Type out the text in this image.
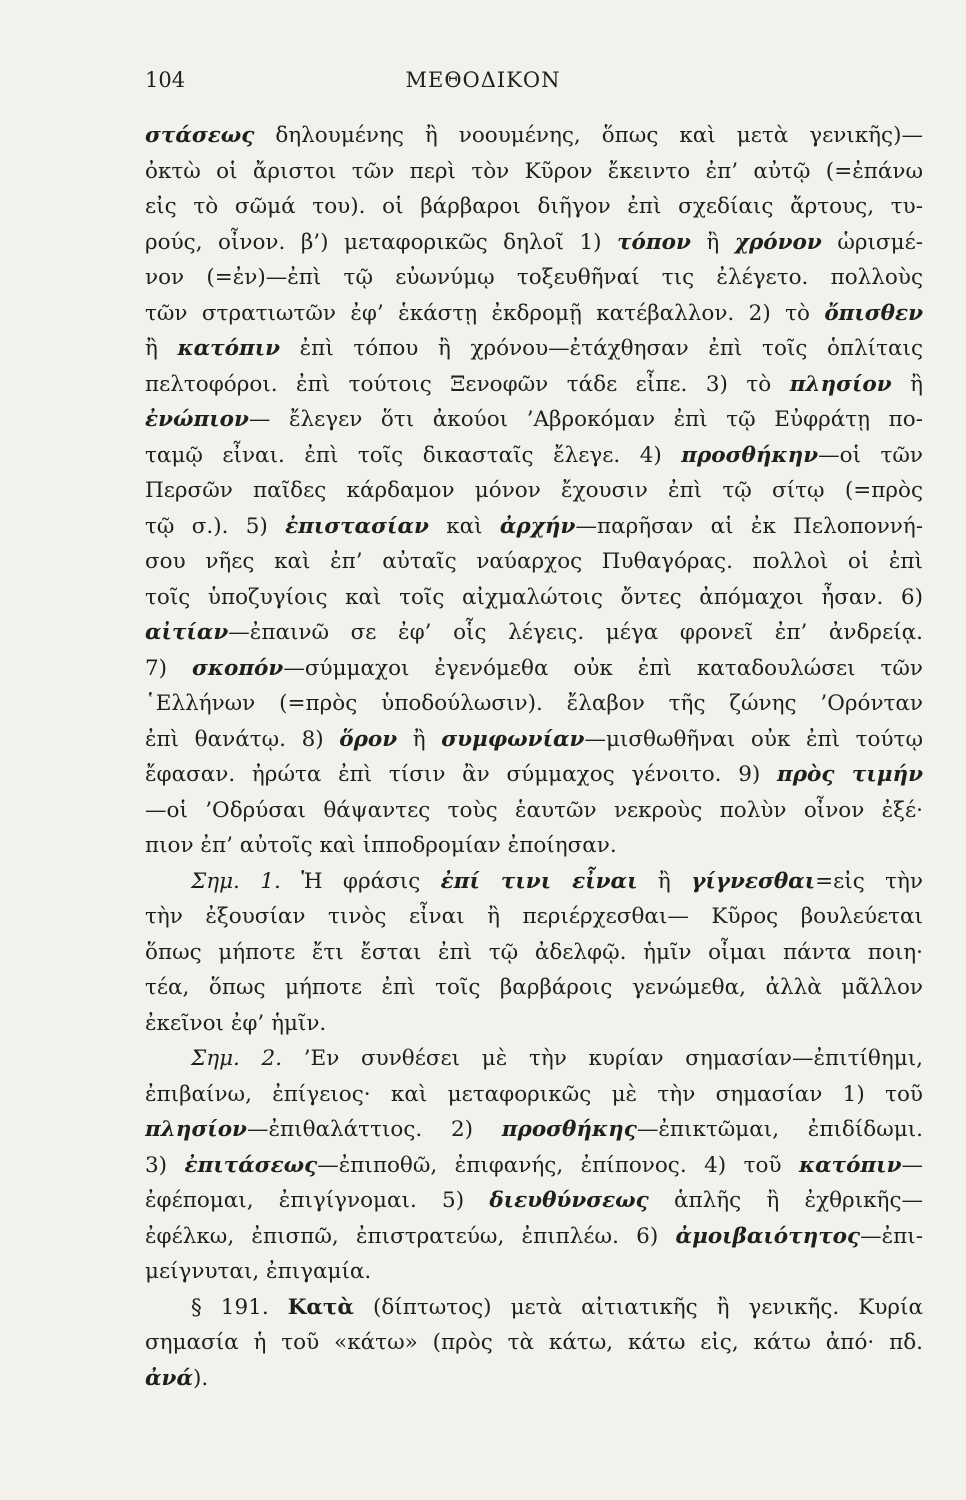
104	ΜΕΘΟΔΙΚΟΝ
στάσεως δηλουμένης ἢ νοουμένης, ὅπως καὶ μετὰ γενικῆς)—
ὀκτὼ οἱ ἄριστοι τῶν περὶ τὸν Κῦρον ἔκειντο ἐπ’ αὐτῷ (=ἐπάνω
εἰς τὸ σῶμά του). οἱ βάρβαροι διῆγον ἐπὶ σχεδίαις ἄρτους, τυ-
ρούς, οἶνον. β’) μεταφορικῶς δηλοῖ 1) τόπον ἢ χρόνον ὡρισμέ-
νον (=ἐν)—ἐπὶ τῷ εὐωνύμῳ τοξευθῆναί τις ἐλέγετο. πολλοὺς
τῶν στρατιωτῶν ἐφ’ ἑκάστῃ ἐκδρομῇ κατέβαλλον. 2) τὸ ὄπισθεν
ἢ κατόπιν ἐπὶ τόπου ἢ χρόνου—ἐτάχθησαν ἐπὶ τοῖς ὁπλίταις
πελτοφόροι. ἐπὶ τούτοις Ξενοφῶν τάδε εἶπε. 3) τὸ πλησίον ἢ
ἐνώπιον— ἔλεγεν ὅτι ἀκούοι ’Αβροκόμαν ἐπὶ τῷ Εὐφράτῃ πο-
ταμῷ εἶναι. ἐπὶ τοῖς δικασταῖς ἔλεγε. 4) προσθήκην—οἱ τῶν
Περσῶν παῖδες κάρδαμον μόνον ἔχουσιν ἐπὶ τῷ σίτῳ (=πρὸς
τῷ σ.). 5) ἐπιστασίαν καὶ ἀρχήν—παρῆσαν αἱ ἐκ Πελοποννή-
σου νῆες καὶ ἐπ’ αὐταῖς ναύαρχος Πυθαγόρας. πολλοὶ οἱ ἐπὶ
τοῖς ὑποζυγίοις καὶ τοῖς αἰχμαλώτοις ὄντες ἀπόμαχοι ἦσαν. 6)
αἰτίαν—ἐπαινῶ σε ἐφ’ οἷς λέγεις. μέγα φρονεῖ ἐπ’ ἀνδρείᾳ.
7) σκοπόν—σύμμαχοι ἐγενόμεθα οὐκ ἐπὶ καταδουλώσει τῶν
῾Ελλήνων (=πρὸς ὑποδούλωσιν). ἔλαβον τῆς ζώνης ’Ορόνταν
ἐπὶ θανάτῳ. 8) ὅρον ἢ συμφωνίαν—μισθωθῆναι οὐκ ἐπὶ τούτῳ
ἔφασαν. ἠρώτα ἐπὶ τίσιν ἂν σύμμαχος γένοιτο. 9) πρὸς τιμήν
—οἱ ’Οδρύσαι θάψαντες τοὺς ἑαυτῶν νεκροὺς πολὺν οἶνον ἐξέ·
πιον ἐπ’ αὐτοῖς καὶ ἱπποδρομίαν ἐποίησαν.
Σημ. 1. Ἡ φράσις ἐπί τινι εἶναι ἢ γίγνεσθαι=εἰς τὴν
τὴν ἐξουσίαν τινὸς εἶναι ἢ περιέρχεσθαι— Κῦρος βουλεύεται
ὅπως μήποτε ἔτι ἔσται ἐπὶ τῷ ἀδελφῷ. ἡμῖν οἶμαι πάντα ποιη·
τέα, ὅπως μήποτε ἐπὶ τοῖς βαρβάροις γενώμεθα, ἀλλὰ μᾶλλον
ἐκεῖνοι ἐφ’ ἡμῖν.
Σημ. 2. ’Εν συνθέσει μὲ τὴν κυρίαν σημασίαν—ἐπιτίθημι,
ἐπιβαίνω, ἐπίγειος· καὶ μεταφορικῶς μὲ τὴν σημασίαν 1) τοῦ
πλησίον—ἐπιθαλάττιος. 2) προσθήκης—ἐπικτῶμαι, ἐπιδίδωμι.
3) ἐπιτάσεως—ἐπιποθῶ, ἐπιφανής, ἐπίπονος. 4) τοῦ κατόπιν—
ἐφέπομαι, ἐπιγίγνομαι. 5) διευθύνσεως ἁπλῆς ἢ ἐχθρικῆς—
ἐφέλκω, ἐπισπῶ, ἐπιστρατεύω, ἐπιπλέω. 6) ἀμοιβαιότητος—ἐπι-
μείγνυται, ἐπιγαμία.
§ 191. Κατὰ (δίπτωτος) μετὰ αἰτιατικῆς ἢ γενικῆς. Κυρία
σημασία ἡ τοῦ «κάτω» (πρὸς τὰ κάτω, κάτω εἰς, κάτω ἀπό· πδ.
ἀνά).
